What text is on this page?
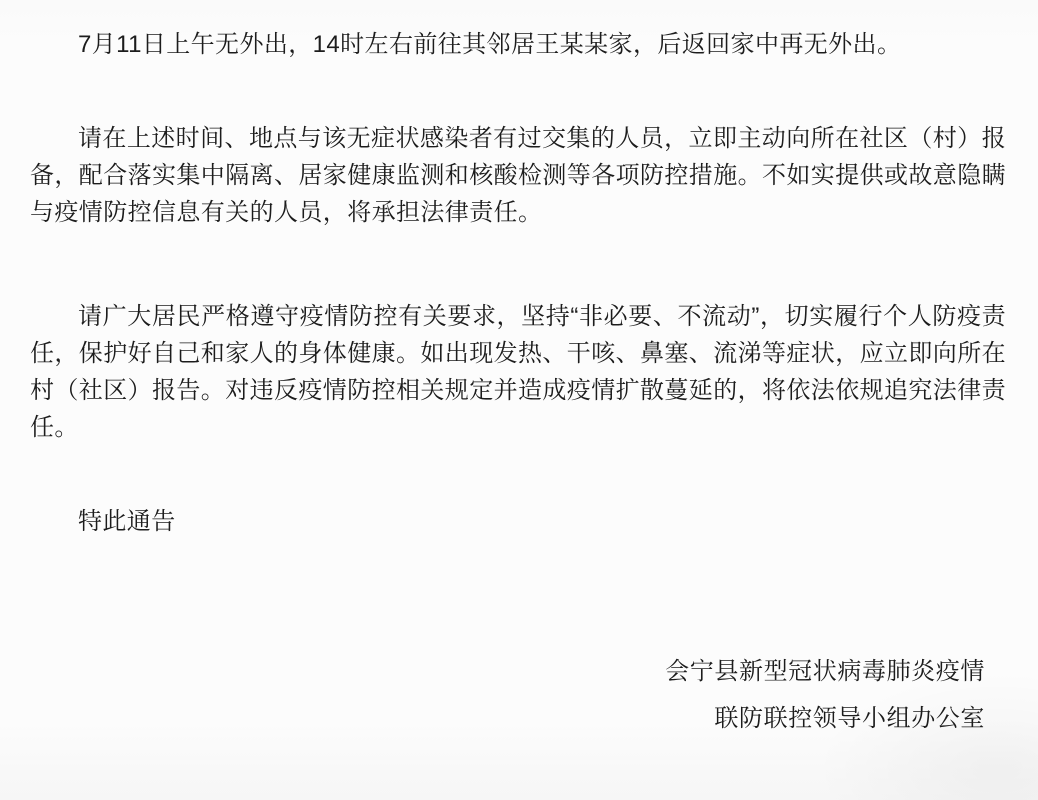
7月11日上午无外出，14时左右前往其邻居王某某家，后返回家中再无外出。

请在上述时间、地点与该无症状感染者有过交集的人员，立即主动向所在社区（村）报备，配合落实集中隔离、居家健康监测和核酸检测等各项防控措施。不如实提供或故意隐瞒与疫情防控信息有关的人员，将承担法律责任。

请广大居民严格遵守疫情防控有关要求，坚持“非必要、不流动”，切实履行个人防疫责任，保护好自己和家人的身体健康。如出现发热、干咳、鼻塞、流涕等症状，应立即向所在村（社区）报告。对违反疫情防控相关规定并造成疫情扩散蔓延的，将依法依规追究法律责任。

特此通告

会宁县新型冠状病毒肺炎疫情

联防联控领导小组办公室
